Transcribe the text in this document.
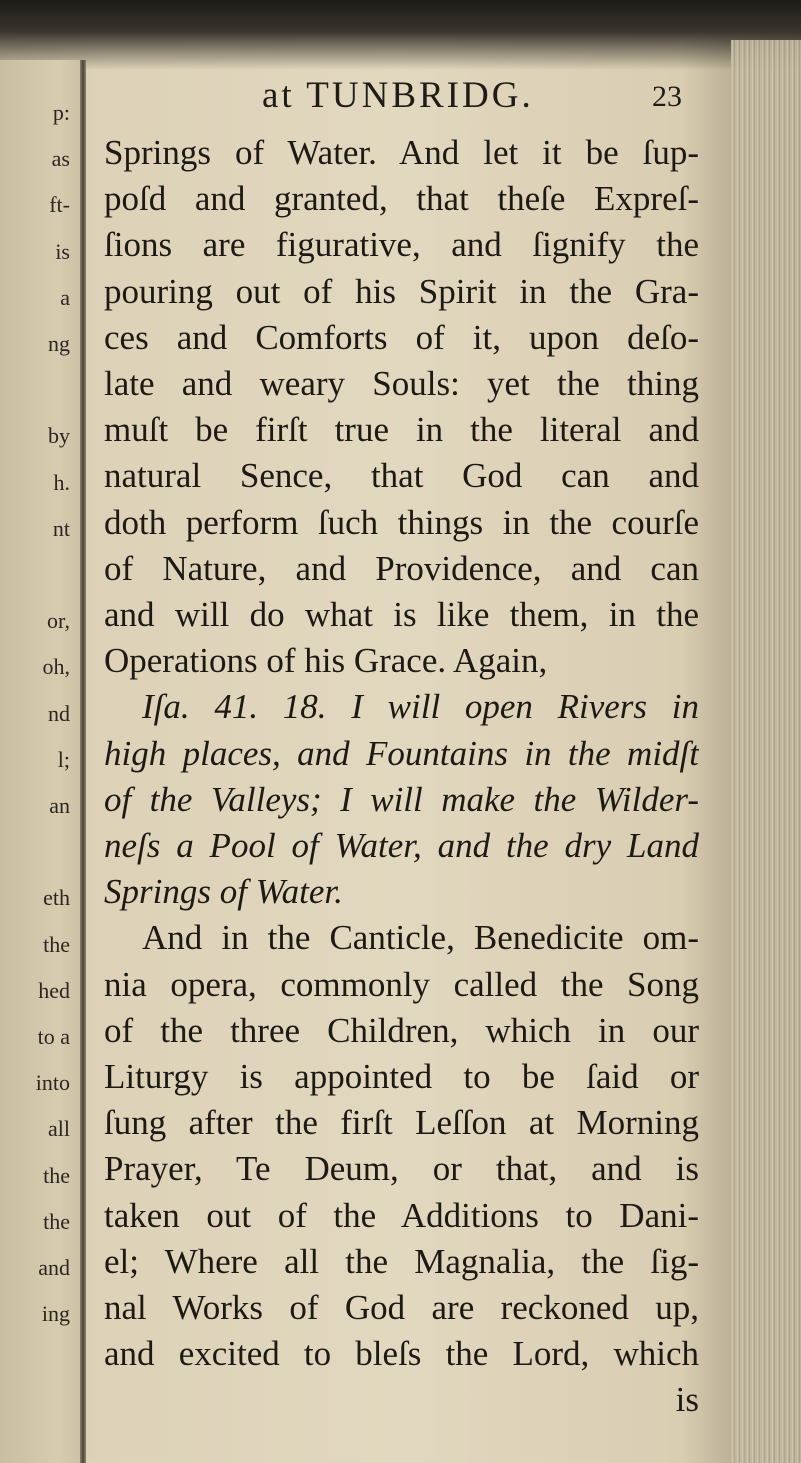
p:
as
ft-
is
a
ng
by
h.
nt
or,
oh,
nd
l;
an
eth
the
hed
to a
into
all
the
the
and
ing
at TUNBRIDG.	23
Springs of Water. And let it be ſup-
poſd and granted, that theſe Expreſ-
ſions are figurative, and ſignify the
pouring out of his Spirit in the Gra-
ces and Comforts of it, upon deſo-
late and weary Souls: yet the thing
muſt be firſt true in the literal and
natural Sence, that God can and
doth perform ſuch things in the courſe
of Nature, and Providence, and can
and will do what is like them, in the
Operations of his Grace. Again,
Iſa. 41. 18. I will open Rivers in
high places, and Fountains in the midſt
of the Valleys; I will make the Wilder-
neſs a Pool of Water, and the dry Land
Springs of Water.
And in the Canticle, Benedicite om-
nia opera, commonly called the Song
of the three Children, which in our
Liturgy is appointed to be ſaid or
ſung after the firſt Leſſon at Morning
Prayer, Te Deum, or that, and is
taken out of the Additions to Dani-
el; Where all the Magnalia, the ſig-
nal Works of God are reckoned up,
and excited to bleſs the Lord, which
is
